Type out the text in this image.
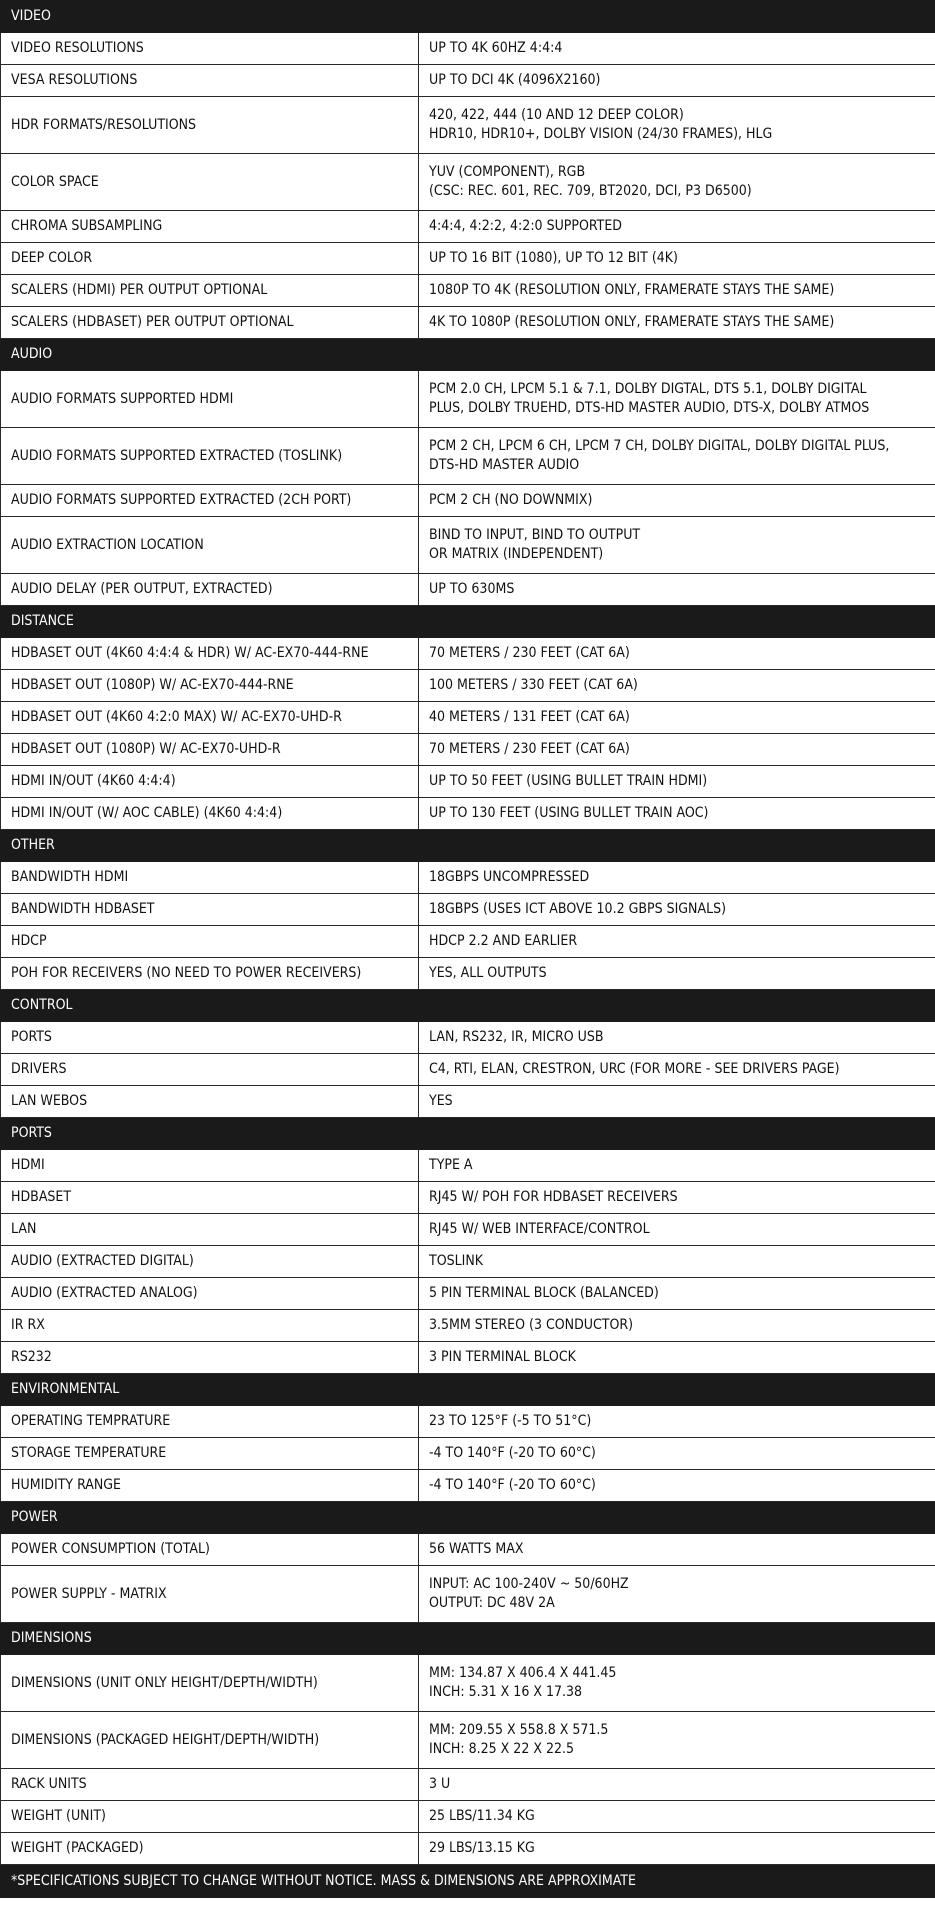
VIDEO	
VIDEO RESOLUTIONS	UP TO 4K 60HZ 4:4:4

VESA RESOLUTIONS	UP TO DCI 4K (4096X2160)

HDR FORMATS/RESOLUTIONS	420, 422, 444 (10 AND 12 DEEP COLOR)
HDR10, HDR10+, DOLBY VISION (24/30 FRAMES), HLG

COLOR SPACE	YUV (COMPONENT), RGB
(CSC: REC. 601, REC. 709, BT2020, DCI, P3 D6500)

CHROMA SUBSAMPLING	4:4:4, 4:2:2, 4:2:0 SUPPORTED

DEEP COLOR	UP TO 16 BIT (1080), UP TO 12 BIT (4K)

SCALERS (HDMI) PER OUTPUT OPTIONAL	1080P TO 4K (RESOLUTION ONLY, FRAMERATE STAYS THE SAME)

SCALERS (HDBASET) PER OUTPUT OPTIONAL	4K TO 1080P (RESOLUTION ONLY, FRAMERATE STAYS THE SAME)

AUDIO	
AUDIO FORMATS SUPPORTED HDMI	PCM 2.0 CH, LPCM 5.1 & 7.1, DOLBY DIGTAL, DTS 5.1, DOLBY DIGITAL
PLUS, DOLBY TRUEHD, DTS-HD MASTER AUDIO, DTS-X, DOLBY ATMOS

AUDIO FORMATS SUPPORTED EXTRACTED (TOSLINK)	PCM 2 CH, LPCM 6 CH, LPCM 7 CH, DOLBY DIGITAL, DOLBY DIGITAL PLUS,
DTS-HD MASTER AUDIO

AUDIO FORMATS SUPPORTED EXTRACTED (2CH PORT)	PCM 2 CH (NO DOWNMIX)

AUDIO EXTRACTION LOCATION	BIND TO INPUT, BIND TO OUTPUT
OR MATRIX (INDEPENDENT)

AUDIO DELAY (PER OUTPUT, EXTRACTED)	UP TO 630MS

DISTANCE	
HDBASET OUT (4K60 4:4:4 & HDR) W/ AC-EX70-444-RNE	70 METERS / 230 FEET (CAT 6A)

HDBASET OUT (1080P) W/ AC-EX70-444-RNE	100 METERS / 330 FEET (CAT 6A)

HDBASET OUT (4K60 4:2:0 MAX) W/ AC-EX70-UHD-R	40 METERS / 131 FEET (CAT 6A)

HDBASET OUT (1080P) W/ AC-EX70-UHD-R	70 METERS / 230 FEET (CAT 6A)

HDMI IN/OUT (4K60 4:4:4)	UP TO 50 FEET (USING BULLET TRAIN HDMI)

HDMI IN/OUT (W/ AOC CABLE) (4K60 4:4:4)	UP TO 130 FEET (USING BULLET TRAIN AOC)

OTHER	
BANDWIDTH HDMI	18GBPS UNCOMPRESSED

BANDWIDTH HDBASET	18GBPS (USES ICT ABOVE 10.2 GBPS SIGNALS)

HDCP	HDCP 2.2 AND EARLIER

POH FOR RECEIVERS (NO NEED TO POWER RECEIVERS)	YES, ALL OUTPUTS

CONTROL	
PORTS	LAN, RS232, IR, MICRO USB

DRIVERS	C4, RTI, ELAN, CRESTRON, URC (FOR MORE - SEE DRIVERS PAGE)

LAN WEBOS	YES

PORTS	
HDMI	TYPE A

HDBASET	RJ45 W/ POH FOR HDBASET RECEIVERS

LAN	RJ45 W/ WEB INTERFACE/CONTROL

AUDIO (EXTRACTED DIGITAL)	TOSLINK

AUDIO (EXTRACTED ANALOG)	5 PIN TERMINAL BLOCK (BALANCED)

IR RX	3.5MM STEREO (3 CONDUCTOR)

RS232	3 PIN TERMINAL BLOCK

ENVIRONMENTAL	
OPERATING TEMPRATURE	23 TO 125°F (-5 TO 51°C)

STORAGE TEMPERATURE	-4 TO 140°F (-20 TO 60°C)

HUMIDITY RANGE	-4 TO 140°F (-20 TO 60°C)

POWER	
POWER CONSUMPTION (TOTAL)	56 WATTS MAX

POWER SUPPLY - MATRIX	INPUT: AC 100-240V ~ 50/60HZ
OUTPUT: DC 48V 2A

DIMENSIONS	
DIMENSIONS (UNIT ONLY HEIGHT/DEPTH/WIDTH)	MM: 134.87 X 406.4 X 441.45
INCH: 5.31 X 16 X 17.38

DIMENSIONS (PACKAGED HEIGHT/DEPTH/WIDTH)	MM: 209.55 X 558.8 X 571.5
INCH: 8.25 X 22 X 22.5

RACK UNITS	3 U

WEIGHT (UNIT)	25 LBS/11.34 KG

WEIGHT (PACKAGED)	29 LBS/13.15 KG

*SPECIFICATIONS SUBJECT TO CHANGE WITHOUT NOTICE. MASS & DIMENSIONS ARE APPROXIMATE	
